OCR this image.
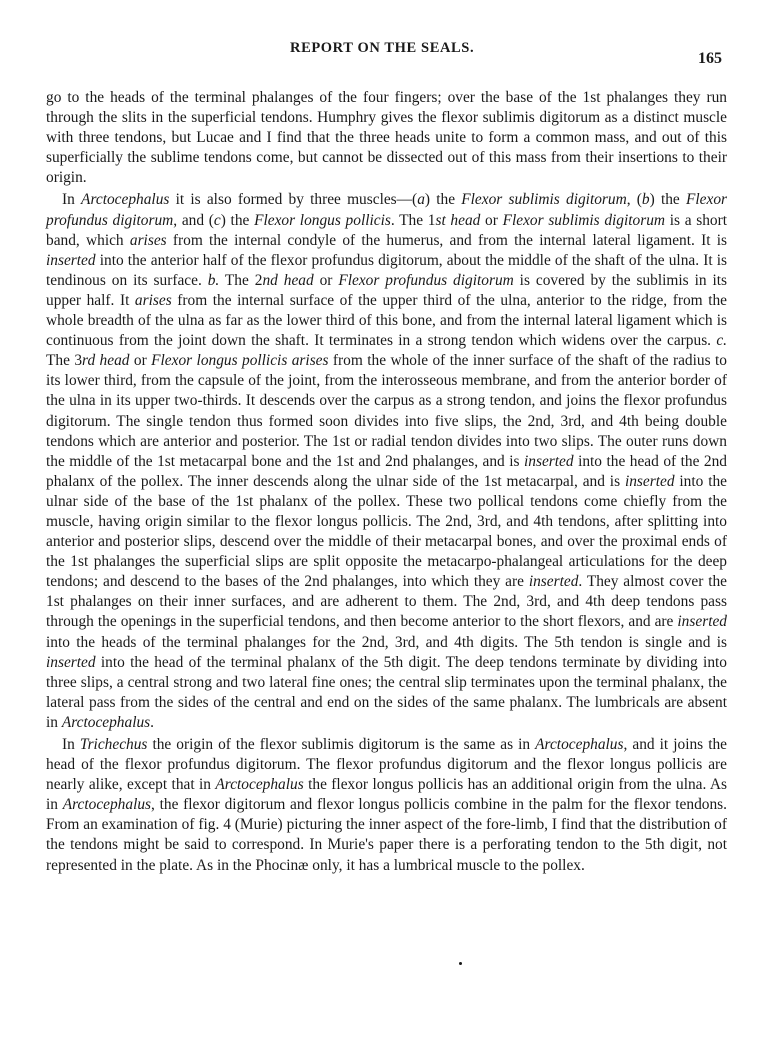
REPORT ON THE SEALS.
165

go to the heads of the terminal phalanges of the four fingers; over the base of the 1st phalanges they run through the slits in the superficial tendons. Humphry gives the flexor sublimis digitorum as a distinct muscle with three tendons, but Lucae and I find that the three heads unite to form a common mass, and out of this superficially the sublime tendons come, but cannot be dissected out of this mass from their insertions to their origin.

In Arctocephalus it is also formed by three muscles—(a) the Flexor sublimis digitorum, (b) the Flexor profundus digitorum, and (c) the Flexor longus pollicis. The 1st head or Flexor sublimis digitorum is a short band, which arises from the internal condyle of the humerus, and from the internal lateral ligament. It is inserted into the anterior half of the flexor profundus digitorum, about the middle of the shaft of the ulna. It is tendinous on its surface. b. The 2nd head or Flexor profundus digitorum is covered by the sublimis in its upper half. It arises from the internal surface of the upper third of the ulna, anterior to the ridge, from the whole breadth of the ulna as far as the lower third of this bone, and from the internal lateral ligament which is continuous from the joint down the shaft. It terminates in a strong tendon which widens over the carpus. c. The 3rd head or Flexor longus pollicis arises from the whole of the inner surface of the shaft of the radius to its lower third, from the capsule of the joint, from the interosseous membrane, and from the anterior border of the ulna in its upper two-thirds. It descends over the carpus as a strong tendon, and joins the flexor profundus digitorum. The single tendon thus formed soon divides into five slips, the 2nd, 3rd, and 4th being double tendons which are anterior and posterior. The 1st or radial tendon divides into two slips. The outer runs down the middle of the 1st metacarpal bone and the 1st and 2nd phalanges, and is inserted into the head of the 2nd phalanx of the pollex. The inner descends along the ulnar side of the 1st metacarpal, and is inserted into the ulnar side of the base of the 1st phalanx of the pollex. These two pollical tendons come chiefly from the muscle, having origin similar to the flexor longus pollicis. The 2nd, 3rd, and 4th tendons, after splitting into anterior and posterior slips, descend over the middle of their metacarpal bones, and over the proximal ends of the 1st phalanges the superficial slips are split opposite the metacarpo-phalangeal articulations for the deep tendons; and descend to the bases of the 2nd phalanges, into which they are inserted. They almost cover the 1st phalanges on their inner surfaces, and are adherent to them. The 2nd, 3rd, and 4th deep tendons pass through the openings in the superficial tendons, and then become anterior to the short flexors, and are inserted into the heads of the terminal phalanges for the 2nd, 3rd, and 4th digits. The 5th tendon is single and is inserted into the head of the terminal phalanx of the 5th digit. The deep tendons terminate by dividing into three slips, a central strong and two lateral fine ones; the central slip terminates upon the terminal phalanx, the lateral pass from the sides of the central and end on the sides of the same phalanx. The lumbricals are absent in Arctocephalus.

In Trichechus the origin of the flexor sublimis digitorum is the same as in Arctocephalus, and it joins the head of the flexor profundus digitorum. The flexor profundus digitorum and the flexor longus pollicis are nearly alike, except that in Arctocephalus the flexor longus pollicis has an additional origin from the ulna. As in Arctocephalus, the flexor digitorum and flexor longus pollicis combine in the palm for the flexor tendons. From an examination of fig. 4 (Murie) picturing the inner aspect of the fore-limb, I find that the distribution of the tendons might be said to correspond. In Murie's paper there is a perforating tendon to the 5th digit, not represented in the plate. As in the Phocinæ only, it has a lumbrical muscle to the pollex.
